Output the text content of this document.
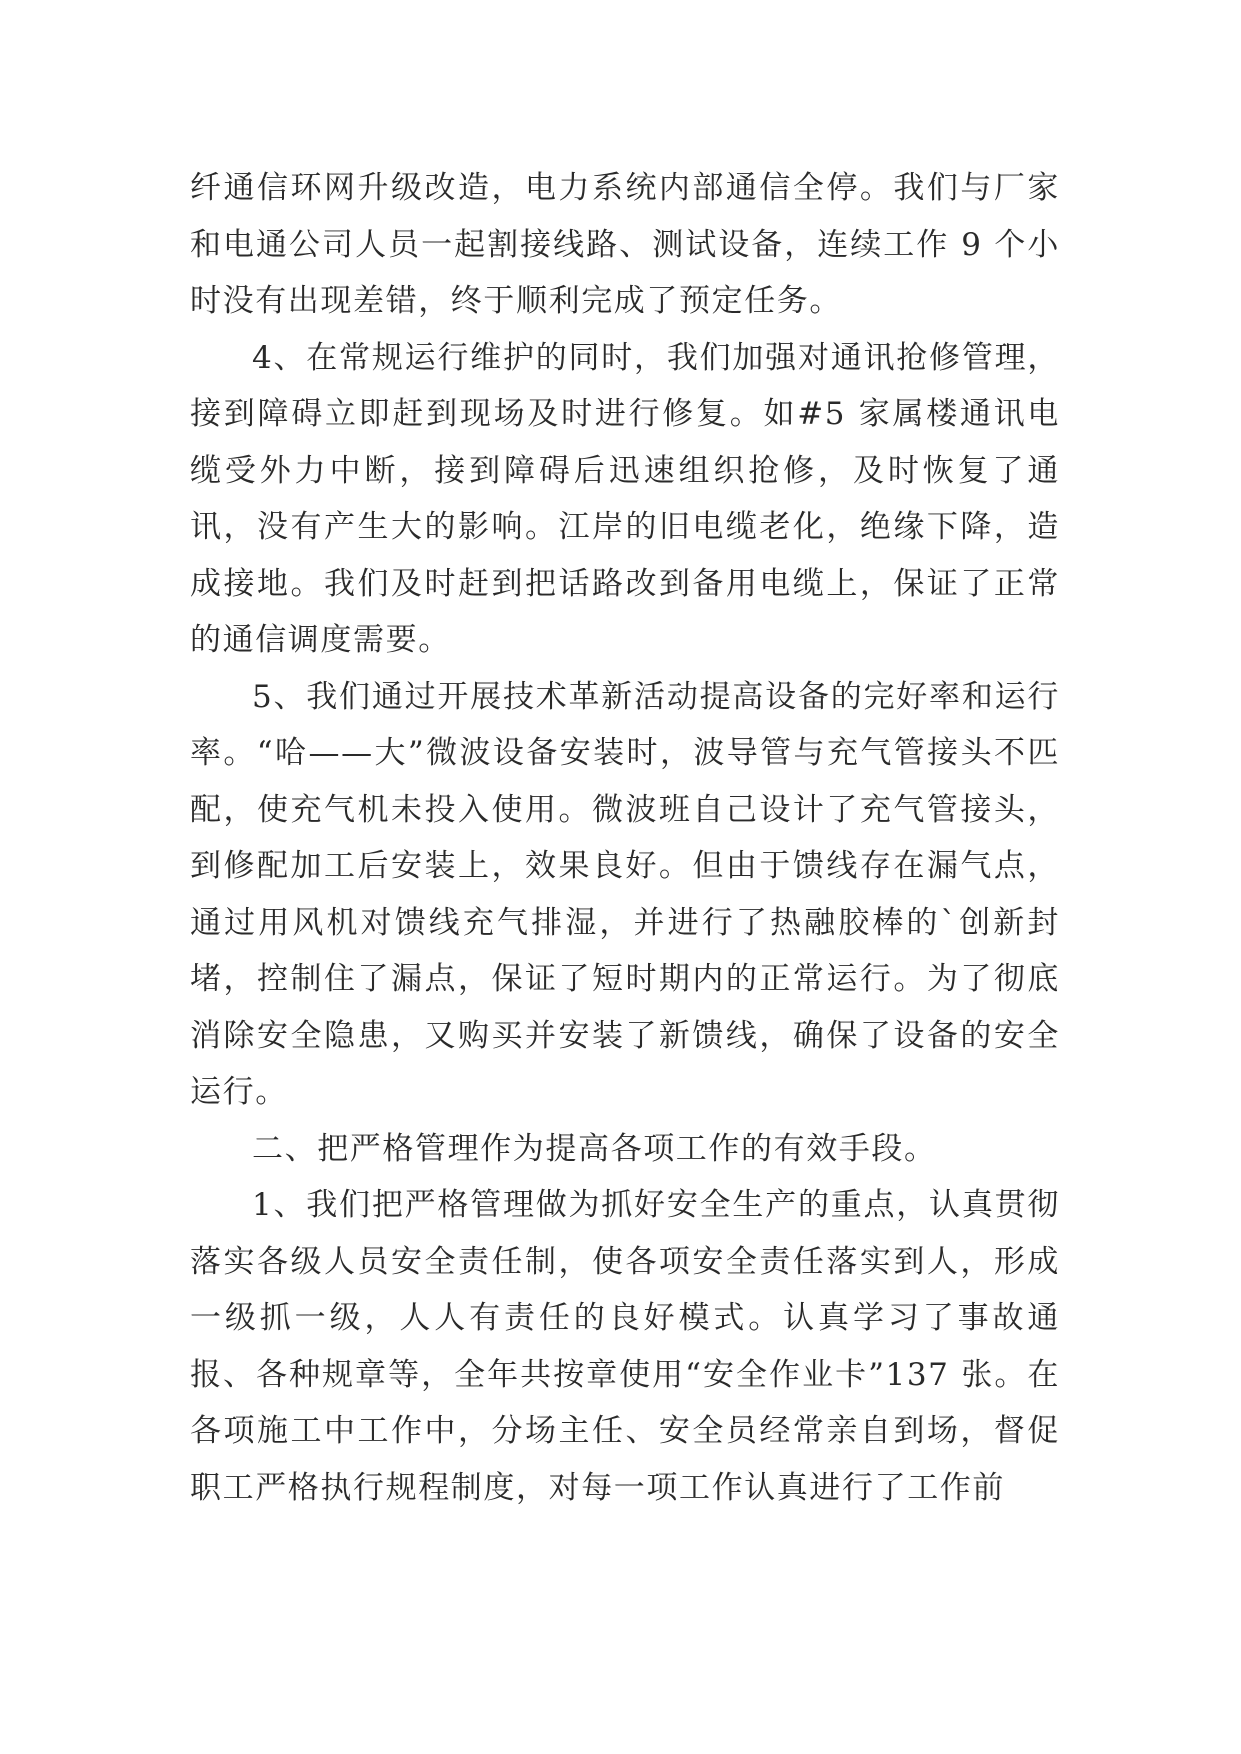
纤通信环网升级改造，电力系统内部通信全停。我们与厂家和电通公司人员一起割接线路、测试设备，连续工作 9 个小时没有出现差错，终于顺利完成了预定任务。

4、在常规运行维护的同时，我们加强对通讯抢修管理，接到障碍立即赶到现场及时进行修复。如#5 家属楼通讯电缆受外力中断，接到障碍后迅速组织抢修，及时恢复了通讯，没有产生大的影响。江岸的旧电缆老化，绝缘下降，造成接地。我们及时赶到把话路改到备用电缆上，保证了正常的通信调度需要。

5、我们通过开展技术革新活动提高设备的完好率和运行率。“哈——大”微波设备安装时，波导管与充气管接头不匹配，使充气机未投入使用。微波班自己设计了充气管接头，到修配加工后安装上，效果良好。但由于馈线存在漏气点，通过用风机对馈线充气排湿，并进行了热融胶棒的`创新封堵，控制住了漏点，保证了短时期内的正常运行。为了彻底消除安全隐患，又购买并安装了新馈线，确保了设备的安全运行。

二、把严格管理作为提高各项工作的有效手段。

1、我们把严格管理做为抓好安全生产的重点，认真贯彻落实各级人员安全责任制，使各项安全责任落实到人，形成一级抓一级，人人有责任的良好模式。认真学习了事故通报、各种规章等，全年共按章使用“安全作业卡”137 张。在各项施工中工作中，分场主任、安全员经常亲自到场，督促职工严格执行规程制度，对每一项工作认真进行了工作前
